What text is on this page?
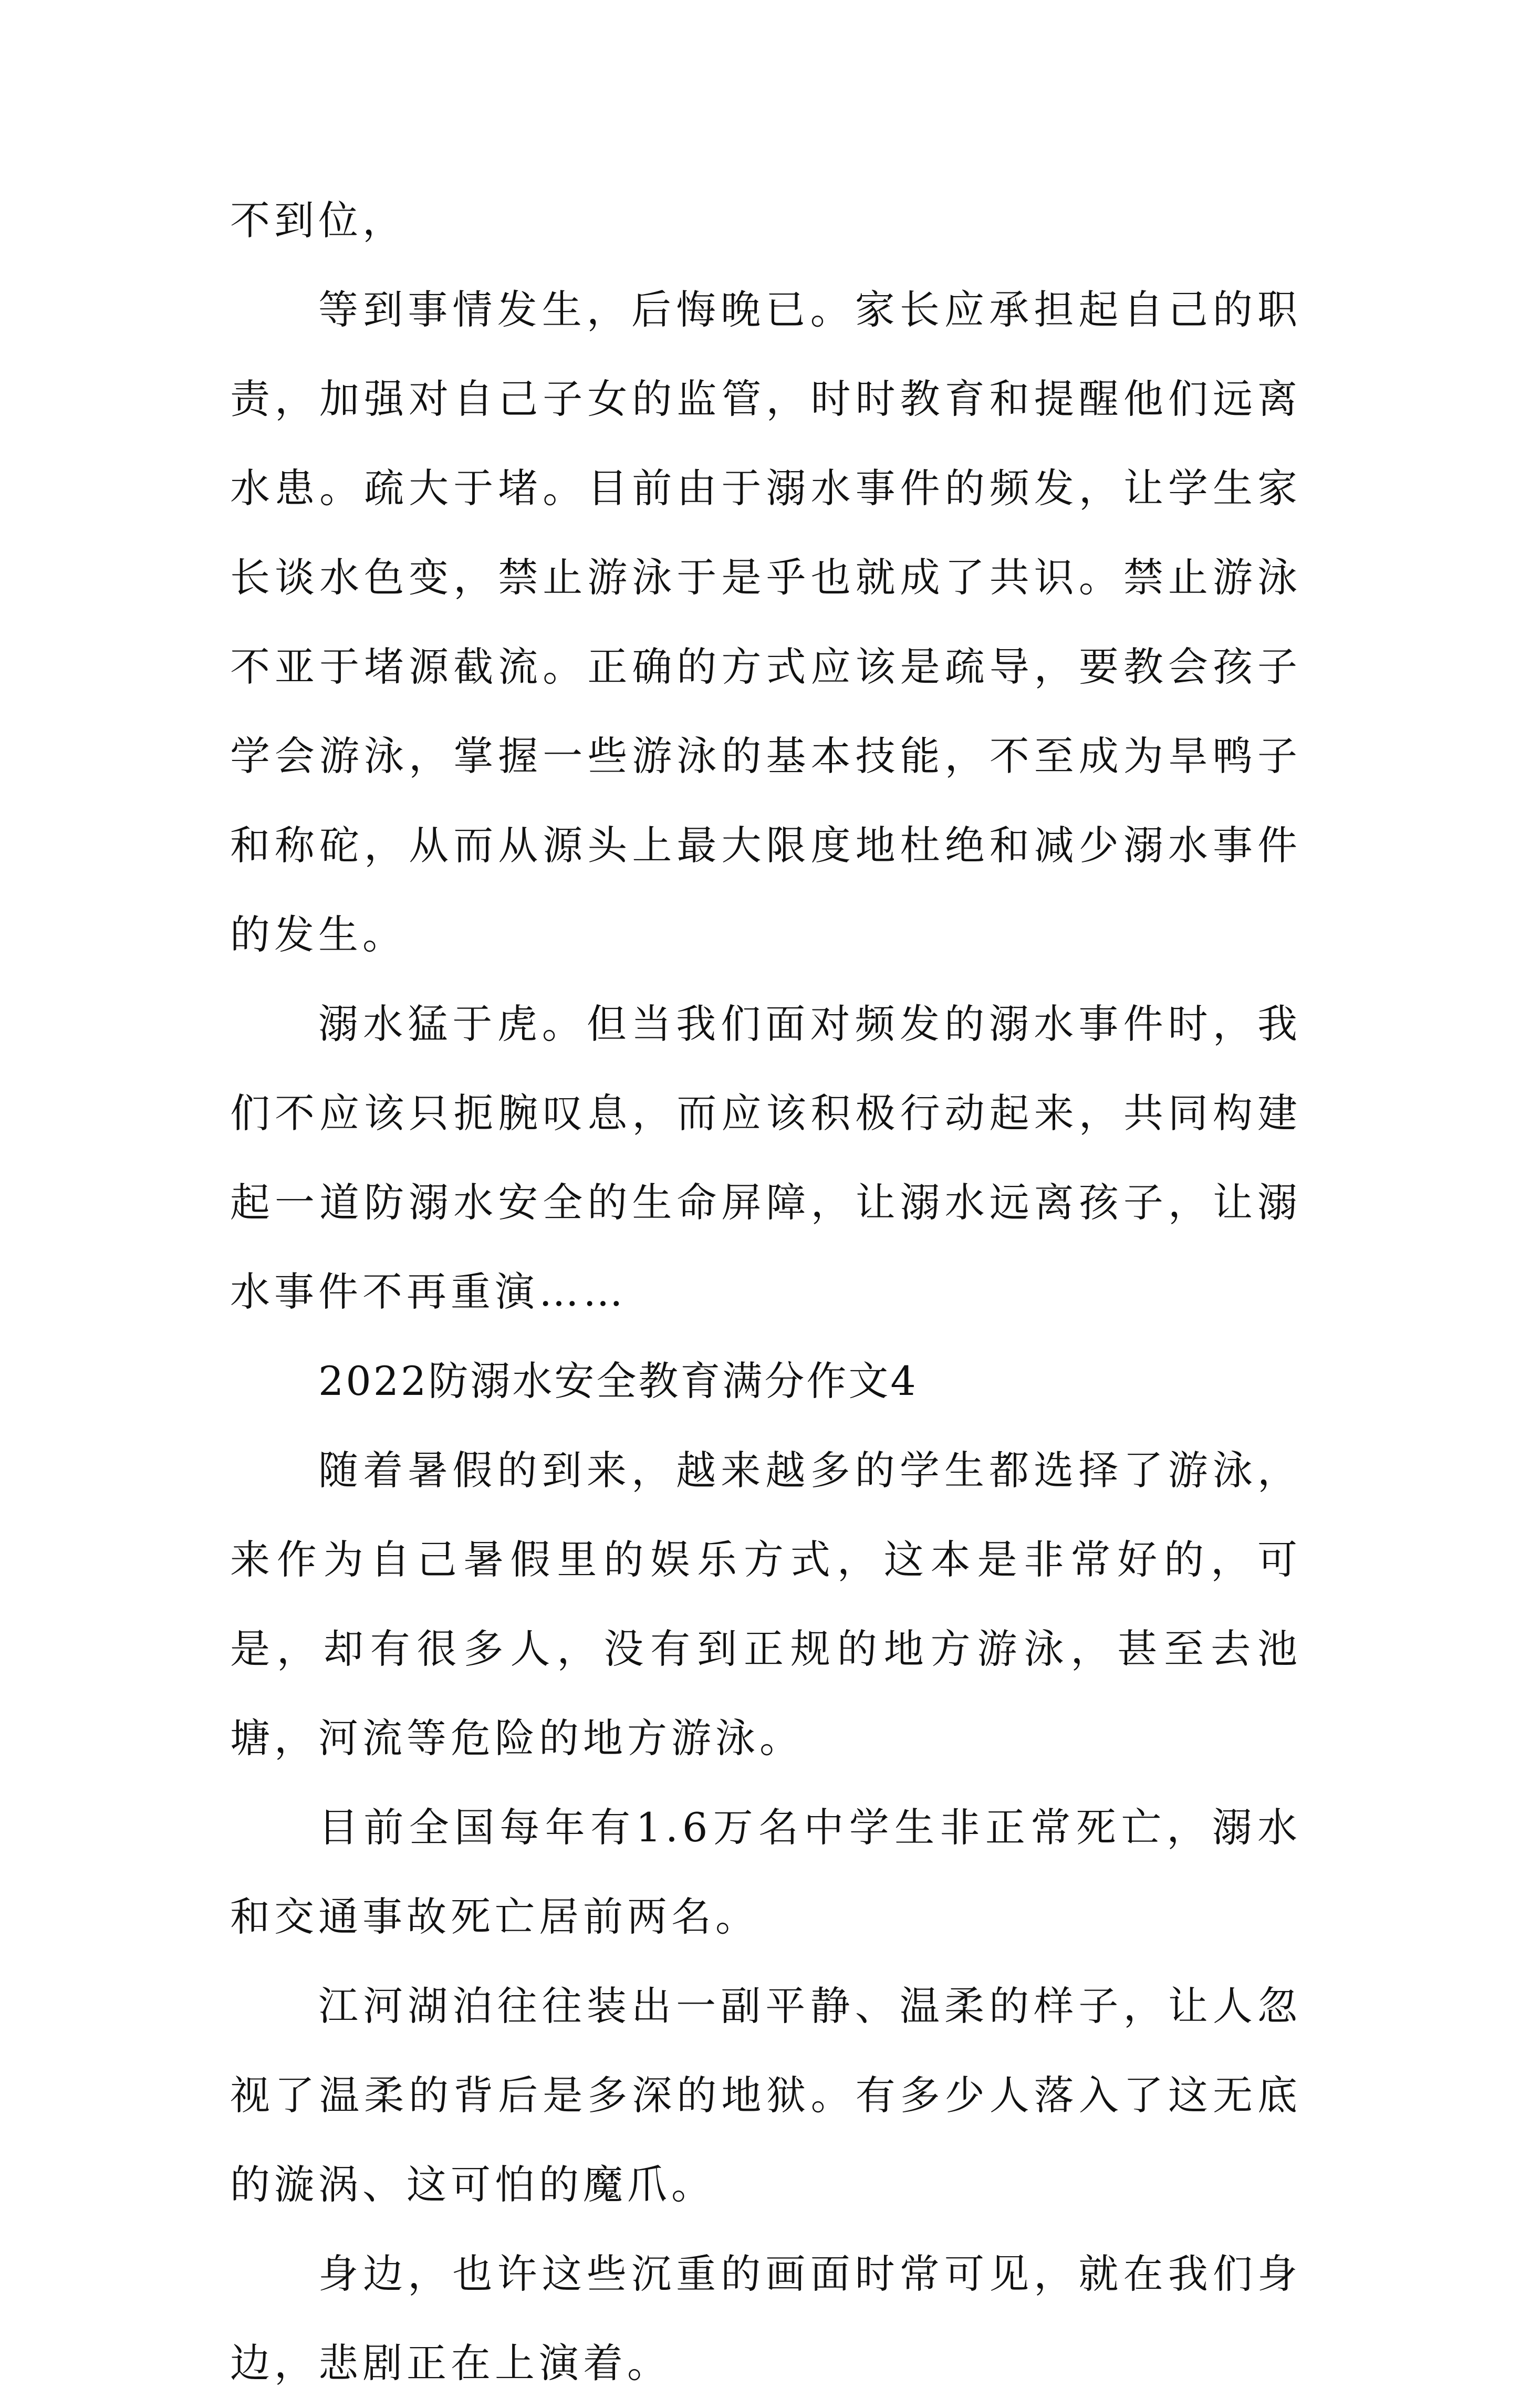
不到位，

等到事情发生，后悔晚已。家长应承担起自己的职责，加强对自己子女的监管，时时教育和提醒他们远离水患。疏大于堵。目前由于溺水事件的频发，让学生家长谈水色变，禁止游泳于是乎也就成了共识。禁止游泳不亚于堵源截流。正确的方式应该是疏导，要教会孩子学会游泳，掌握一些游泳的基本技能，不至成为旱鸭子和称砣，从而从源头上最大限度地杜绝和减少溺水事件的发生。

溺水猛于虎。但当我们面对频发的溺水事件时，我们不应该只扼腕叹息，而应该积极行动起来，共同构建起一道防溺水安全的生命屏障，让溺水远离孩子，让溺水事件不再重演……

2022防溺水安全教育满分作文4

随着暑假的到来，越来越多的学生都选择了游泳，来作为自己暑假里的娱乐方式，这本是非常好的，可是，却有很多人，没有到正规的地方游泳，甚至去池塘，河流等危险的地方游泳。

目前全国每年有1.6万名中学生非正常死亡，溺水和交通事故死亡居前两名。

江河湖泊往往装出一副平静、温柔的样子，让人忽视了温柔的背后是多深的地狱。有多少人落入了这无底的漩涡、这可怕的魔爪。

身边，也许这些沉重的画面时常可见，就在我们身边，悲剧正在上演着。
